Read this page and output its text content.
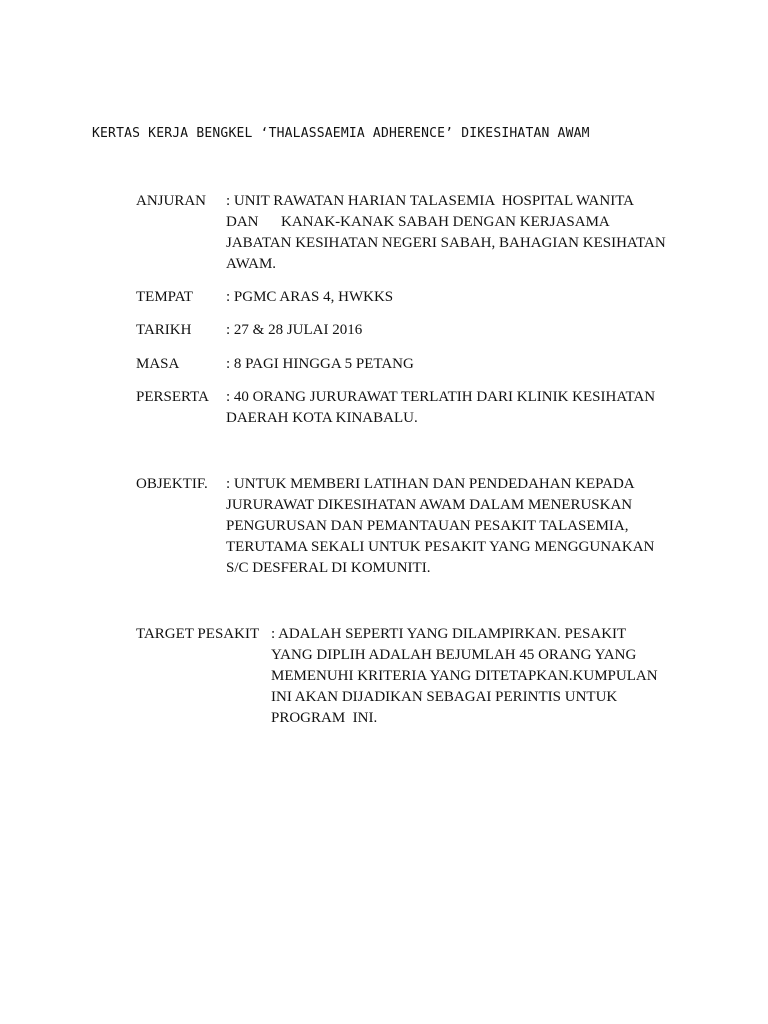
KERTAS KERJA BENGKEL ‘THALASSAEMIA ADHERENCE’ DIKESIHATAN AWAM
ANJURAN : UNIT RAWATAN HARIAN TALASEMIA  HOSPITAL WANITA
DAN      KANAK-KANAK SABAH DENGAN KERJASAMA
JABATAN KESIHATAN NEGERI SABAH, BAHAGIAN KESIHATAN
AWAM.
TEMPAT : PGMC ARAS 4, HWKKS
TARIKH : 27 & 28 JULAI 2016
MASA	: 8 PAGI HINGGA 5 PETANG
PERSERTA : 40 ORANG JURURAWAT TERLATIH DARI KLINIK KESIHATAN
DAERAH KOTA KINABALU.
OBJEKTIF. : UNTUK MEMBERI LATIHAN DAN PENDEDAHAN KEPADA
JURURAWAT DIKESIHATAN AWAM DALAM MENERUSKAN
PENGURUSAN DAN PEMANTAUAN PESAKIT TALASEMIA,
TERUTAMA SEKALI UNTUK PESAKIT YANG MENGGUNAKAN
S/C DESFERAL DI KOMUNITI.
TARGET PESAKIT : ADALAH SEPERTI YANG DILAMPIRKAN. PESAKIT
YANG DIPLIH ADALAH BEJUMLAH 45 ORANG YANG
MEMENUHI KRITERIA YANG DITETAPKAN.KUMPULAN
INI AKAN DIJADIKAN SEBAGAI PERINTIS UNTUK
PROGRAM  INI.
